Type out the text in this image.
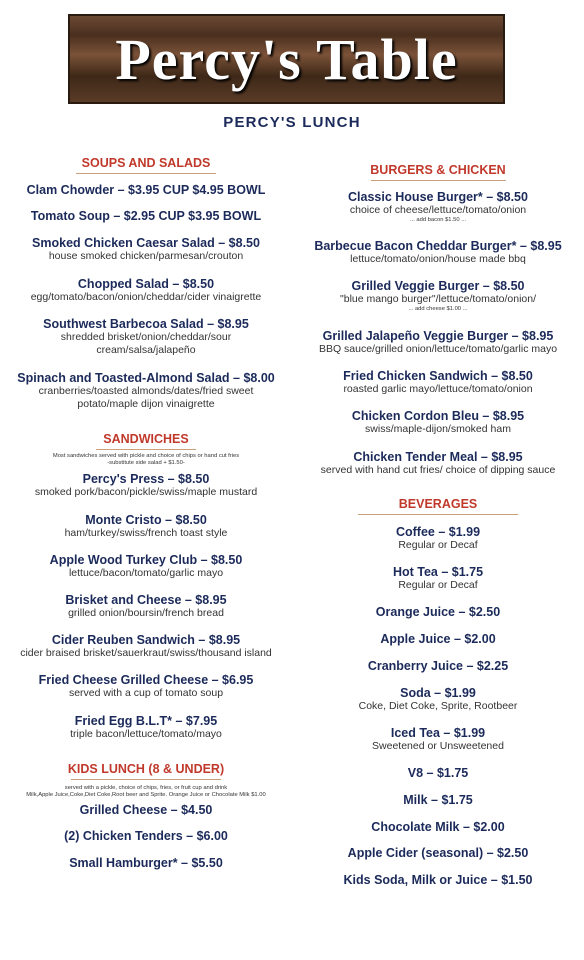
Percy's Table
PERCY'S LUNCH
SOUPS AND SALADS
Clam Chowder – $3.95 CUP $4.95 BOWL
Tomato Soup – $2.95 CUP $3.95 BOWL
Smoked Chicken Caesar Salad – $8.50
house smoked chicken/parmesan/crouton
Chopped Salad – $8.50
egg/tomato/bacon/onion/cheddar/cider vinaigrette
Southwest Barbecoa Salad – $8.95
shredded brisket/onion/cheddar/sour
cream/salsa/jalapeño
Spinach and Toasted-Almond Salad – $8.00
cranberries/toasted almonds/dates/fried sweet
potato/maple dijon vinaigrette
SANDWICHES
Most sandwiches served with pickle and choice of chips or hand cut fries
-substitute side salad + $1.50-
Percy's Press – $8.50
smoked pork/bacon/pickle/swiss/maple mustard
Monte Cristo – $8.50
ham/turkey/swiss/french toast style
Apple Wood Turkey Club – $8.50
lettuce/bacon/tomato/garlic mayo
Brisket and Cheese – $8.95
grilled onion/boursin/french bread
Cider Reuben Sandwich – $8.95
cider braised brisket/sauerkraut/swiss/thousand island
Fried Cheese Grilled Cheese – $6.95
served with a cup of tomato soup
Fried Egg B.L.T* – $7.95
triple bacon/lettuce/tomato/mayo
KIDS LUNCH (8 & UNDER)
served with a pickle, choice of chips, fries, or fruit cup and drink
Milk,Apple Juice,Coke,Diet Coke,Root beer and Sprite. Orange Juice or Chocolate Milk $1.00
Grilled Cheese – $4.50
(2) Chicken Tenders – $6.00
Small Hamburger* – $5.50
BURGERS & CHICKEN
Classic House Burger* – $8.50
choice of cheese/lettuce/tomato/onion
... add bacon $1.50 ...
Barbecue Bacon Cheddar Burger* – $8.95
lettuce/tomato/onion/house made bbq
Grilled Veggie Burger – $8.50
"blue mango burger"/lettuce/tomato/onion/
... add cheese $1.00 ...
Grilled Jalapeño Veggie Burger – $8.95
BBQ sauce/grilled onion/lettuce/tomato/garlic mayo
Fried Chicken Sandwich – $8.50
roasted garlic mayo/lettuce/tomato/onion
Chicken Cordon Bleu – $8.95
swiss/maple-dijon/smoked ham
Chicken Tender Meal – $8.95
served with hand cut fries/ choice of dipping sauce
BEVERAGES
Coffee – $1.99
Regular or Decaf
Hot Tea – $1.75
Regular or Decaf
Orange Juice – $2.50
Apple Juice – $2.00
Cranberry Juice – $2.25
Soda – $1.99
Coke, Diet Coke, Sprite, Rootbeer
Iced Tea – $1.99
Sweetened or Unsweetened
V8 – $1.75
Milk – $1.75
Chocolate Milk – $2.00
Apple Cider (seasonal) – $2.50
Kids Soda, Milk or Juice – $1.50
